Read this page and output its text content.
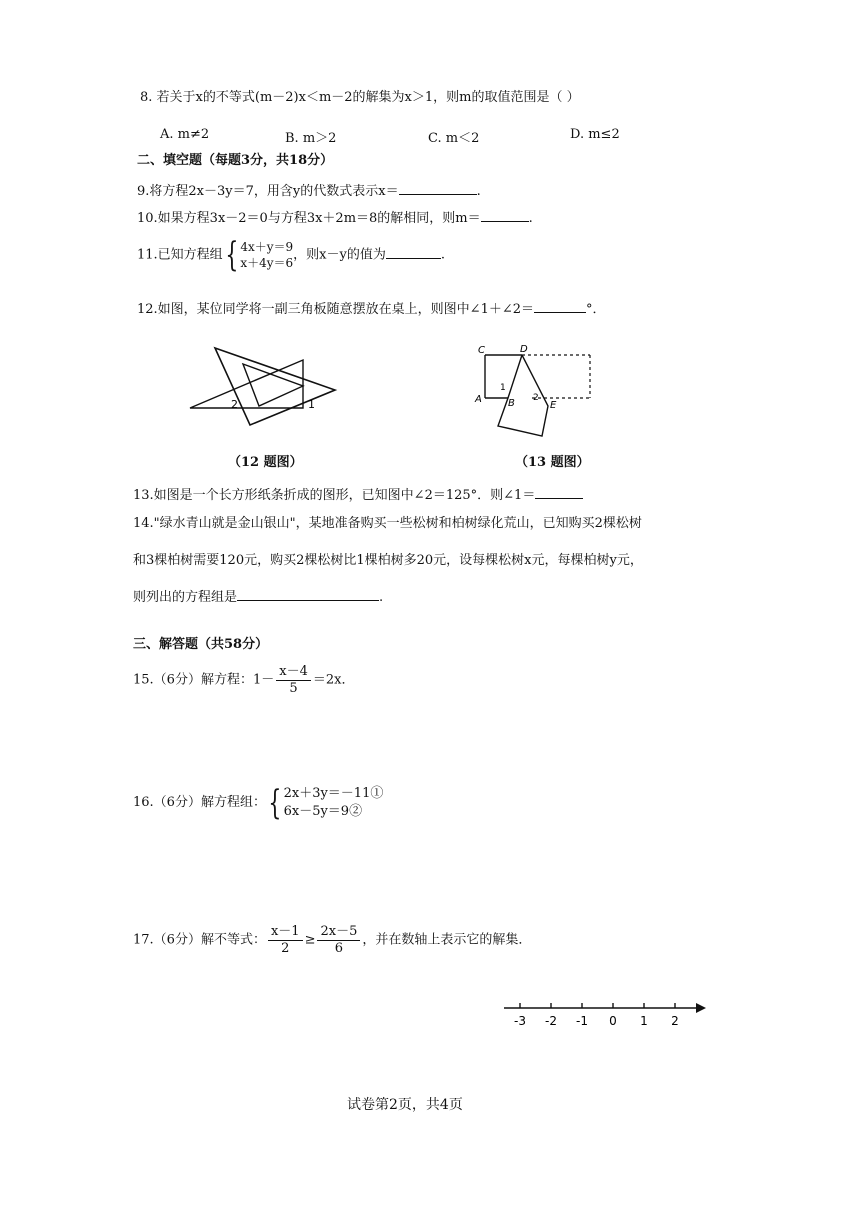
8. 若关于x的不等式(m－2)x＜m－2的解集为x＞1，则m的取值范围是（ ）
A. m≠2	B. m＞2	C. m＜2	D. m≤2
二、填空题（每题3分，共18分）
9.将方程2x－3y＝7，用含y的代数式表示x＝	.
10.如果方程3x－2＝0与方程3x＋2m＝8的解相同，则m＝	.
11.已知方程组{ 4x＋y＝9
x＋4y＝6
，则x－y的值为	.
12.如图，某位同学将一副三角板随意摆放在桌上，则图中∠1＋∠2＝	°．
2	1
（12 题图）
C	D
A	B
1
2
E
（13 题图）
13.如图是一个长方形纸条折成的图形，已知图中∠2＝125°．则∠1＝
14."绿水青山就是金山银山"，某地准备购买一些松树和柏树绿化荒山，已知购买2棵松树
和3棵柏树需要120元，购买2棵松树比1棵柏树多20元，设每棵松树x元，每棵柏树y元，
则列出的方程组是	.
三、解答题（共58分）
15.（6分）解方程：$1- \frac{x-4}{5} =2x$．
16.（6分）解方程组：{ 2x＋3y＝－11①
6x－5y＝9②
17.（6分）解不等式： $\frac{x-1}{2} \ge \frac{2x-5}{6}$ ，并在数轴上表示它的解集．
-3 -2 -1 0 1 2
试卷第2页，共4页
